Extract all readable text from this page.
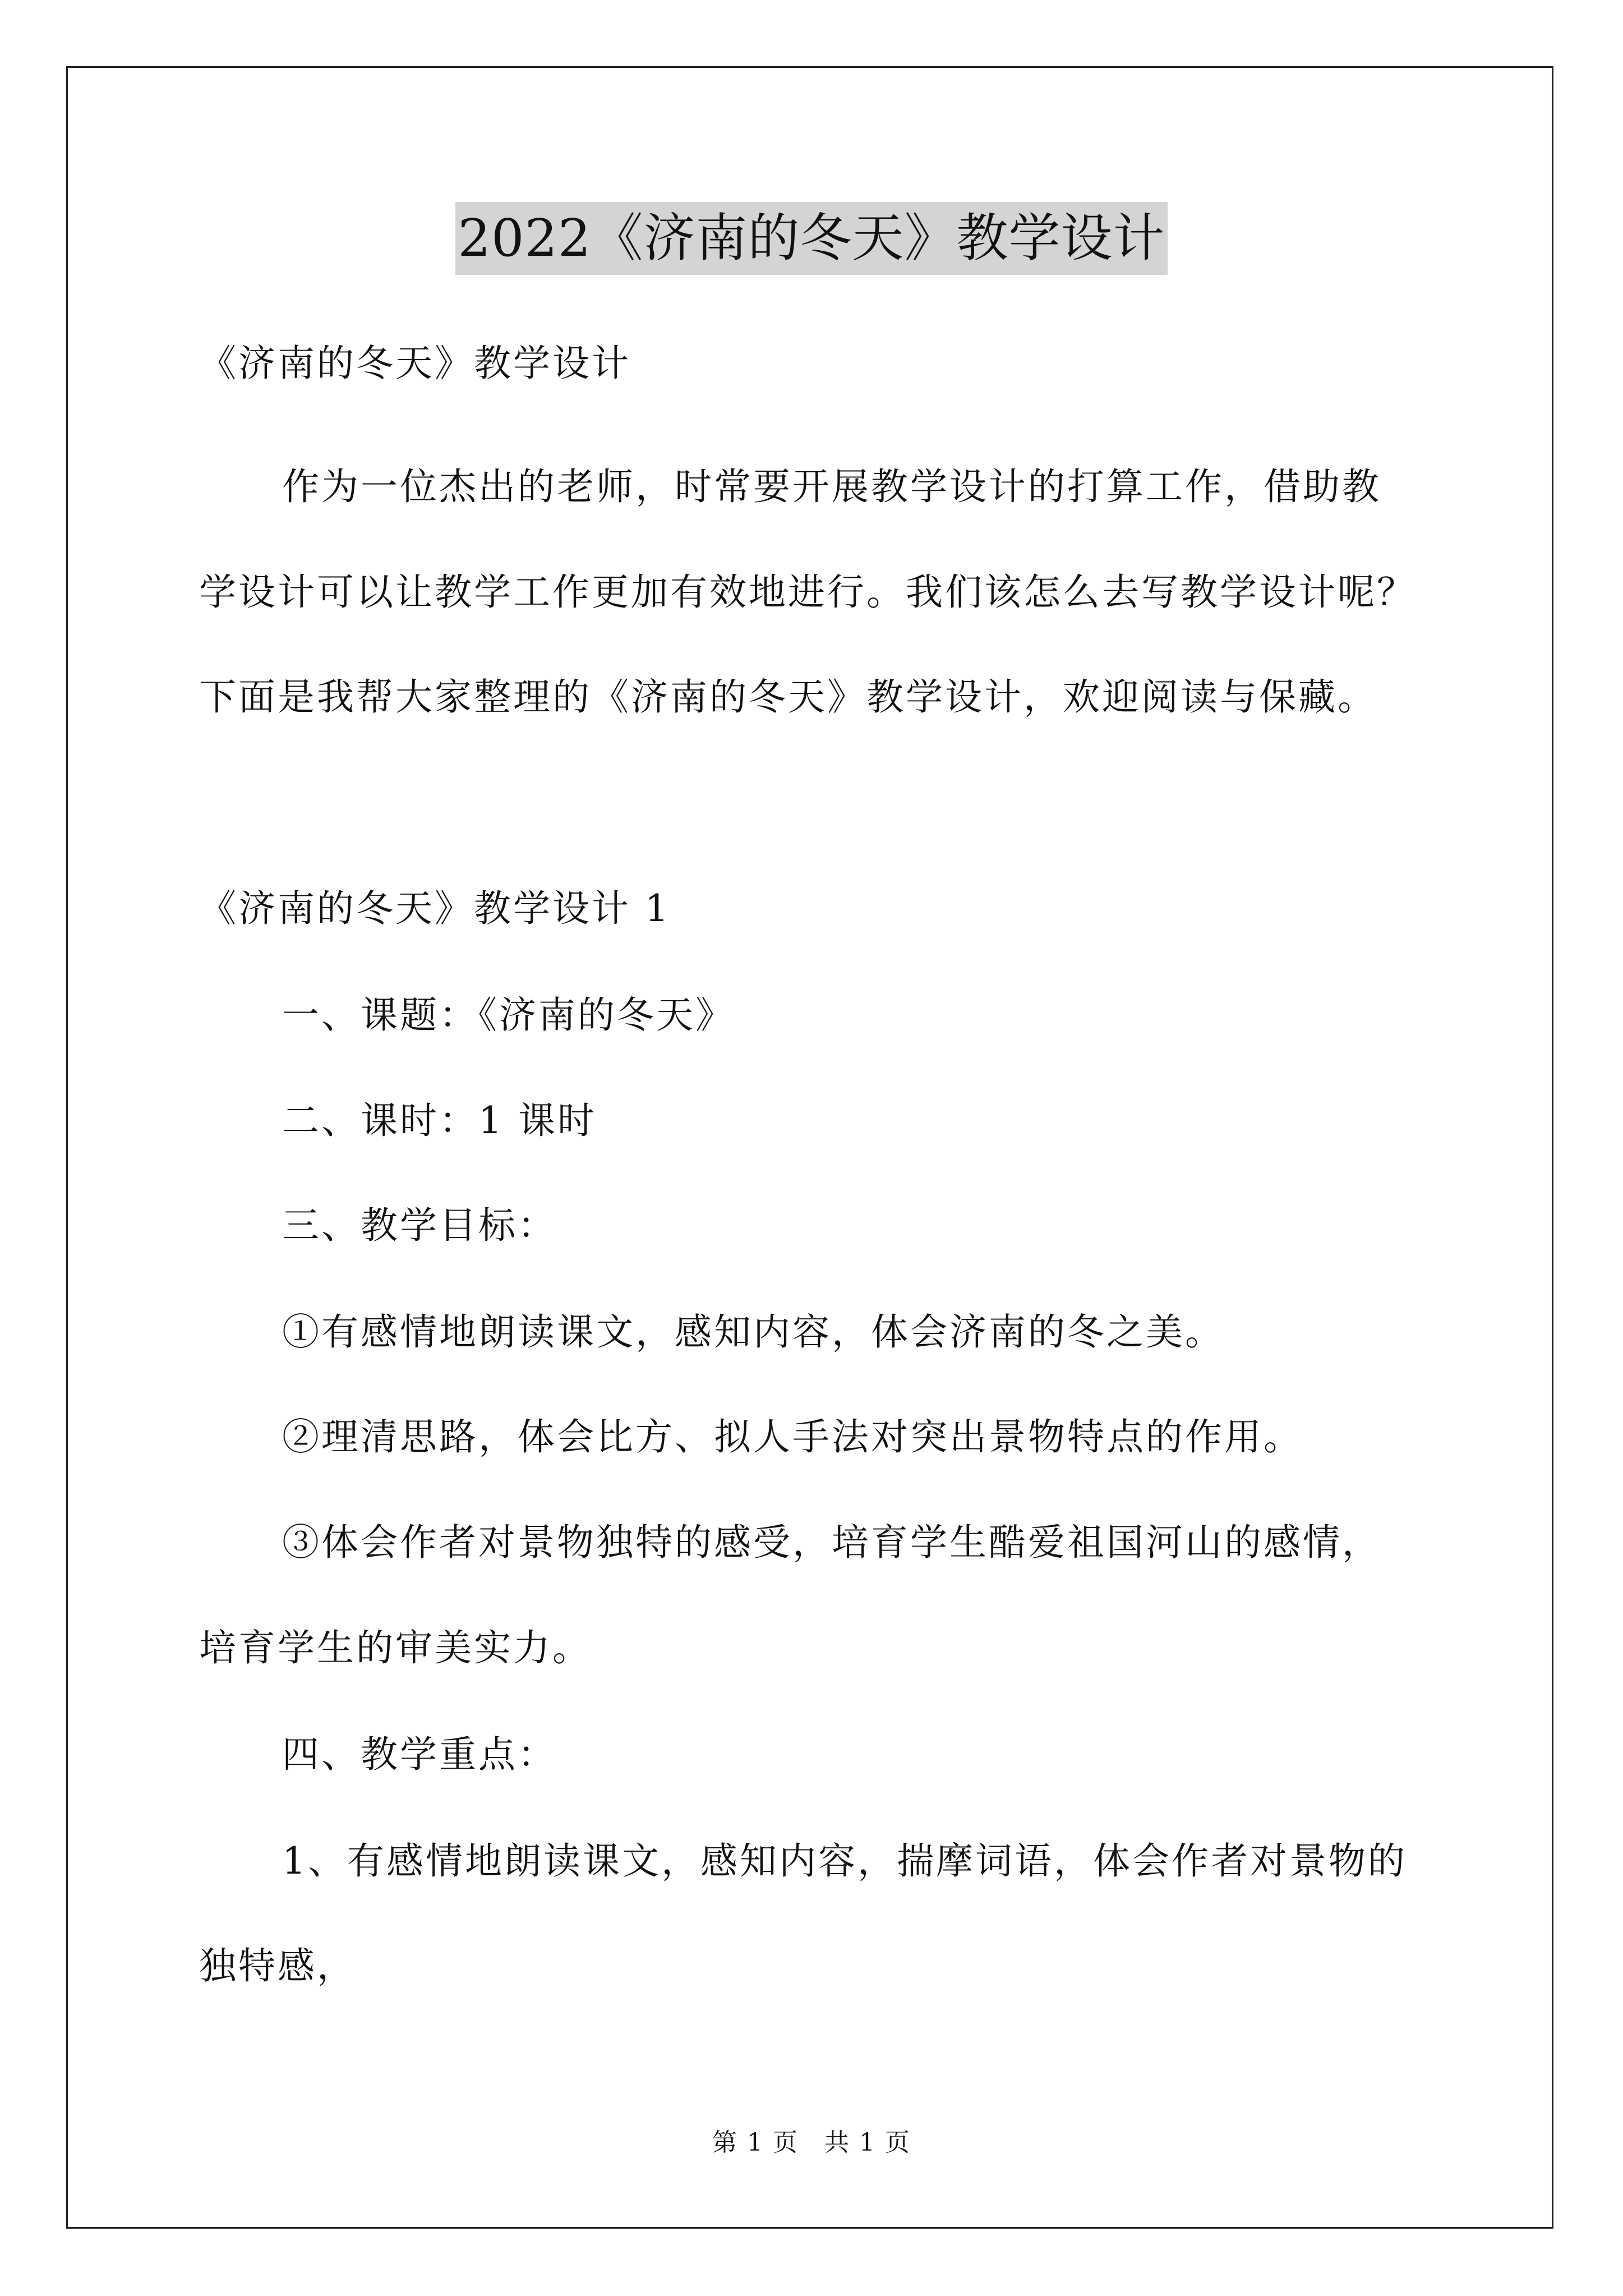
2022《济南的冬天》教学设计
《济南的冬天》教学设计
作为一位杰出的老师，时常要开展教学设计的打算工作，借助教
学设计可以让教学工作更加有效地进行。我们该怎么去写教学设计呢？
下面是我帮大家整理的《济南的冬天》教学设计，欢迎阅读与保藏。
《济南的冬天》教学设计 1
一、课题：《济南的冬天》
二、课时：1 课时
三、教学目标：
①有感情地朗读课文，感知内容，体会济南的冬之美。
②理清思路，体会比方、拟人手法对突出景物特点的作用。
③体会作者对景物独特的感受，培育学生酷爱祖国河山的感情，
培育学生的审美实力。
四、教学重点：
1、有感情地朗读课文，感知内容，揣摩词语，体会作者对景物的
独特感，
第 1 页　共 1 页
